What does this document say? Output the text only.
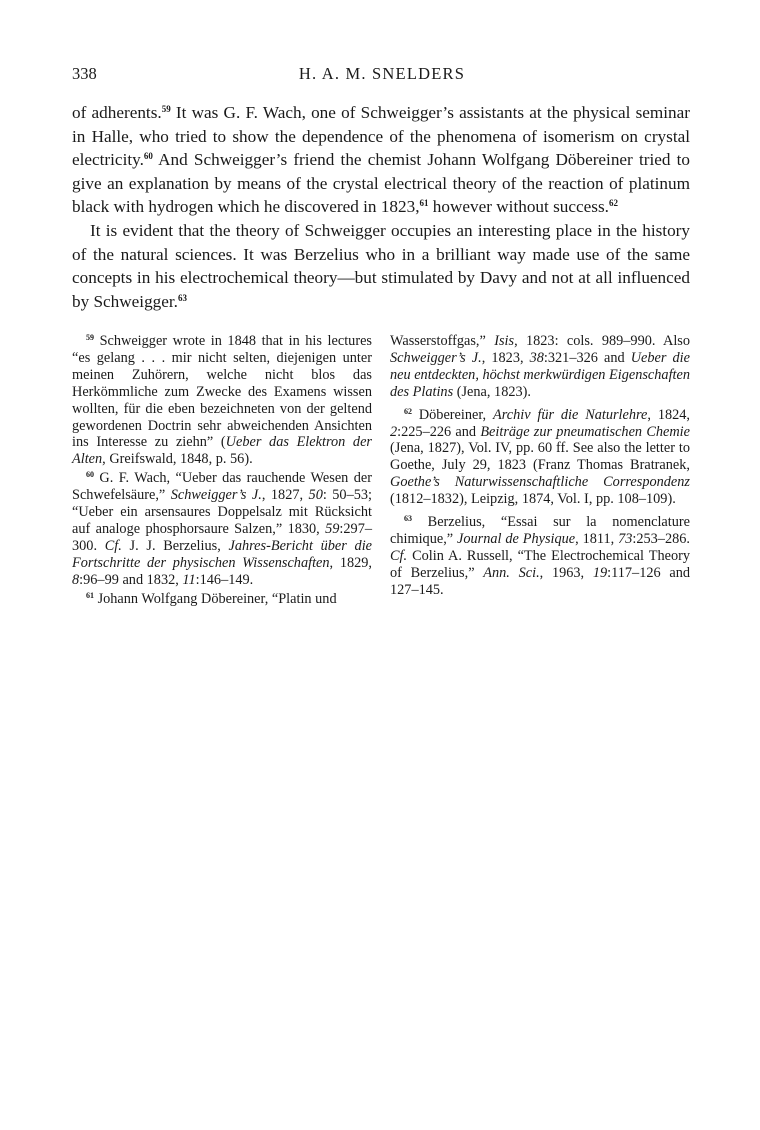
338	H. A. M. SNELDERS

of adherents.$^{59}$ It was G. F. Wach, one of Schweigger’s assistants at the physical seminar in Halle, who tried to show the dependence of the phenomena of isomerism on crystal electricity.$^{60}$ And Schweigger’s friend the chemist Johann Wolfgang Döbereiner tried to give an explanation by means of the crystal electrical theory of the reaction of platinum black with hydrogen which he discovered in 1823,61 however without success.$^{62}$

It is evident that the theory of Schweigger occupies an interesting place in the history of the natural sciences. It was Berzelius who in a brilliant way made use of the same concepts in his electrochemical theory—but stimulated by Davy and not at all influenced by Schweigger.$^{63}$

$^{59}$ Schweigger wrote in 1848 that in his lectures “es gelang . . . mir nicht selten, diejenigen unter meinen Zuhörern, welche nicht blos das Herkömmliche zum Zwecke des Examens wissen wollten, für die eben bezeichneten von der geltend gewordenen Doctrin sehr abweichenden Ansichten ins Interesse zu ziehn” (Ueber das Elektron der Alten, Greifswald, 1848, p. 56).

$^{60}$ G. F. Wach, “Ueber das rauchende Wesen der Schwefelsäure,” Schweigger’s J., 1827, 50: 50–53; “Ueber ein arsensaures Doppelsalz mit Rücksicht auf analoge phosphorsaure Salzen,” 1830, 59:297–300. Cf. J. J. Berzelius, Jahres-Bericht über die Fortschritte der physischen Wissenschaften, 1829, 8:96–99 and 1832, 11:146–149.

$^{61}$ Johann Wolfgang Döbereiner, “Platin und

Wasserstoffgas,” Isis, 1823: cols. 989–990. Also Schweigger’s J., 1823, 38:321–326 and Ueber die neu entdeckten, höchst merkwürdigen Eigenschaften des Platins (Jena, 1823).

$^{62}$ Döbereiner, Archiv für die Naturlehre, 1824, 2:225–226 and Beiträge zur pneumatischen Chemie (Jena, 1827), Vol. IV, pp. 60 ff. See also the letter to Goethe, July 29, 1823 (Franz Thomas Bratranek, Goethe’s Naturwissenschaftliche Correspondenz (1812–1832), Leipzig, 1874, Vol. I, pp. 108–109).

$^{63}$ Berzelius, “Essai sur la nomenclature chimique,” Journal de Physique, 1811, 73:253–286. Cf. Colin A. Russell, “The Electrochemical Theory of Berzelius,” Ann. Sci., 1963, 19:117–126 and 127–145.
